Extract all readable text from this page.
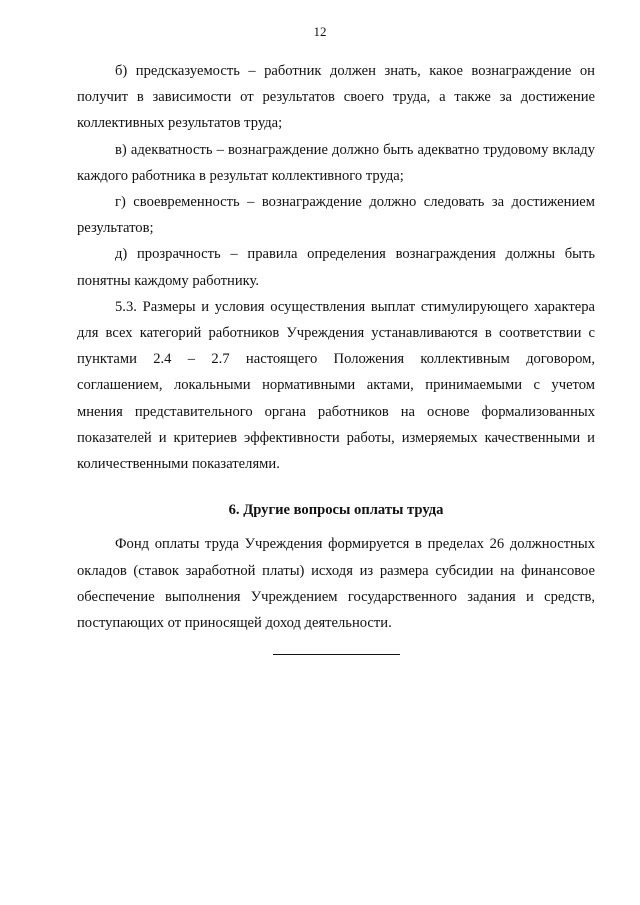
12

б) предсказуемость – работник должен знать, какое вознаграждение он получит в зависимости от результатов своего труда, а также за достижение коллективных результатов труда;

в) адекватность – вознаграждение должно быть адекватно трудовому вкладу каждого работника в результат коллективного труда;

г) своевременность – вознаграждение должно следовать за достижением результатов;

д) прозрачность – правила определения вознаграждения должны быть понятны каждому работнику.

5.3. Размеры и условия осуществления выплат стимулирующего характера для всех категорий работников Учреждения устанавливаются в соответствии с пунктами 2.4 – 2.7 настоящего Положения коллективным договором, соглашением, локальными нормативными актами, принимаемыми с учетом мнения представительного органа работников на основе формализованных показателей и критериев эффективности работы, измеряемых качественными и количественными показателями.

6. Другие вопросы оплаты труда

Фонд оплаты труда Учреждения формируется в пределах 26 должностных окладов (ставок заработной платы) исходя из размера субсидии на финансовое обеспечение выполнения Учреждением государственного задания и средств, поступающих от приносящей доход деятельности.
